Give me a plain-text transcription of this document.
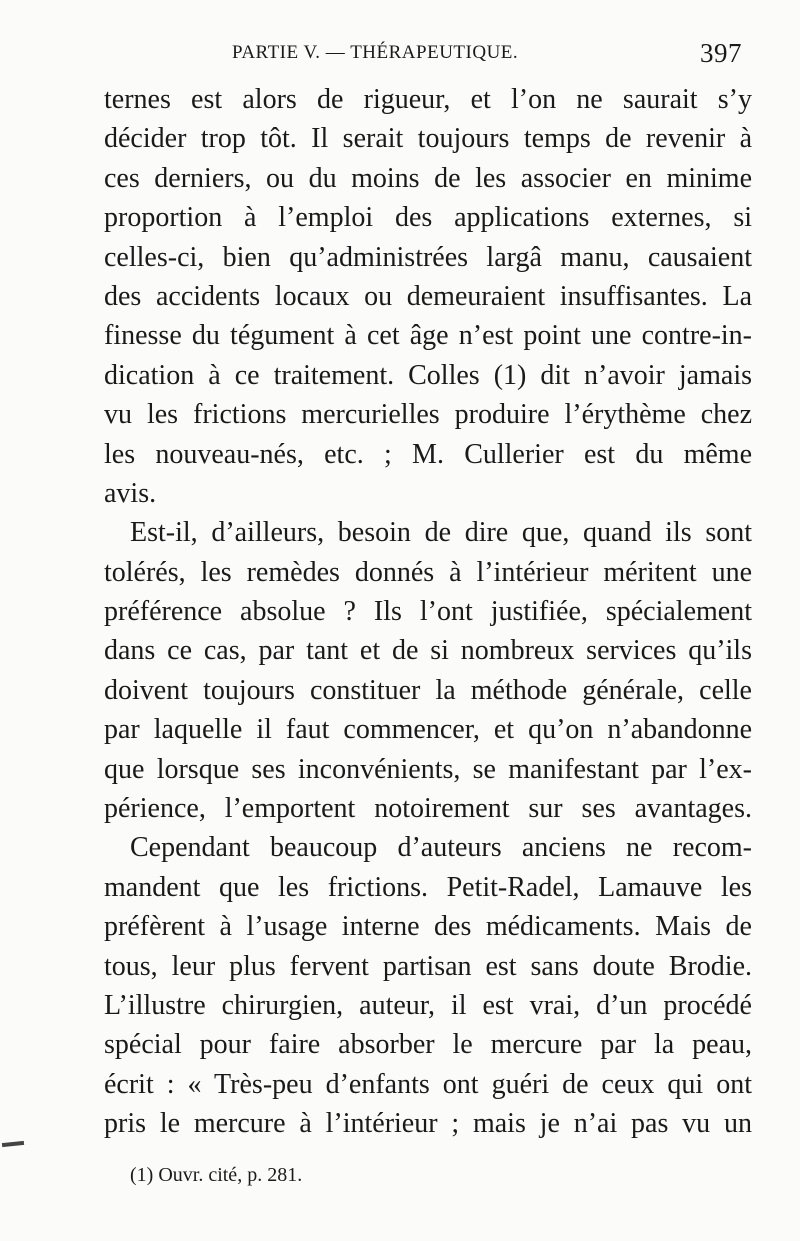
PARTIE V. — THÉRAPEUTIQUE.	397
ternes est alors de rigueur, et l’on ne saurait s’y
décider trop tôt. Il serait toujours temps de revenir à
ces derniers, ou du moins de les associer en minime
proportion à l’emploi des applications externes, si
celles-ci, bien qu’administrées largâ manu, causaient
des accidents locaux ou demeuraient insuffisantes. La
finesse du tégument à cet âge n’est point une contre-in-
dication à ce traitement. Colles (1) dit n’avoir jamais
vu les frictions mercurielles produire l’érythème chez
les nouveau-nés, etc. ; M. Cullerier est du même
avis.
Est-il, d’ailleurs, besoin de dire que, quand ils sont
tolérés, les remèdes donnés à l’intérieur méritent une
préférence absolue ? Ils l’ont justifiée, spécialement
dans ce cas, par tant et de si nombreux services qu’ils
doivent toujours constituer la méthode générale, celle
par laquelle il faut commencer, et qu’on n’abandonne
que lorsque ses inconvénients, se manifestant par l’ex-
périence, l’emportent notoirement sur ses avantages.
Cependant beaucoup d’auteurs anciens ne recom-
mandent que les frictions. Petit-Radel, Lamauve les
préfèrent à l’usage interne des médicaments. Mais de
tous, leur plus fervent partisan est sans doute Brodie.
L’illustre chirurgien, auteur, il est vrai, d’un procédé
spécial pour faire absorber le mercure par la peau,
écrit : « Très-peu d’enfants ont guéri de ceux qui ont
pris le mercure à l’intérieur ; mais je n’ai pas vu un
(1) Ouvr. cité, p. 281.
